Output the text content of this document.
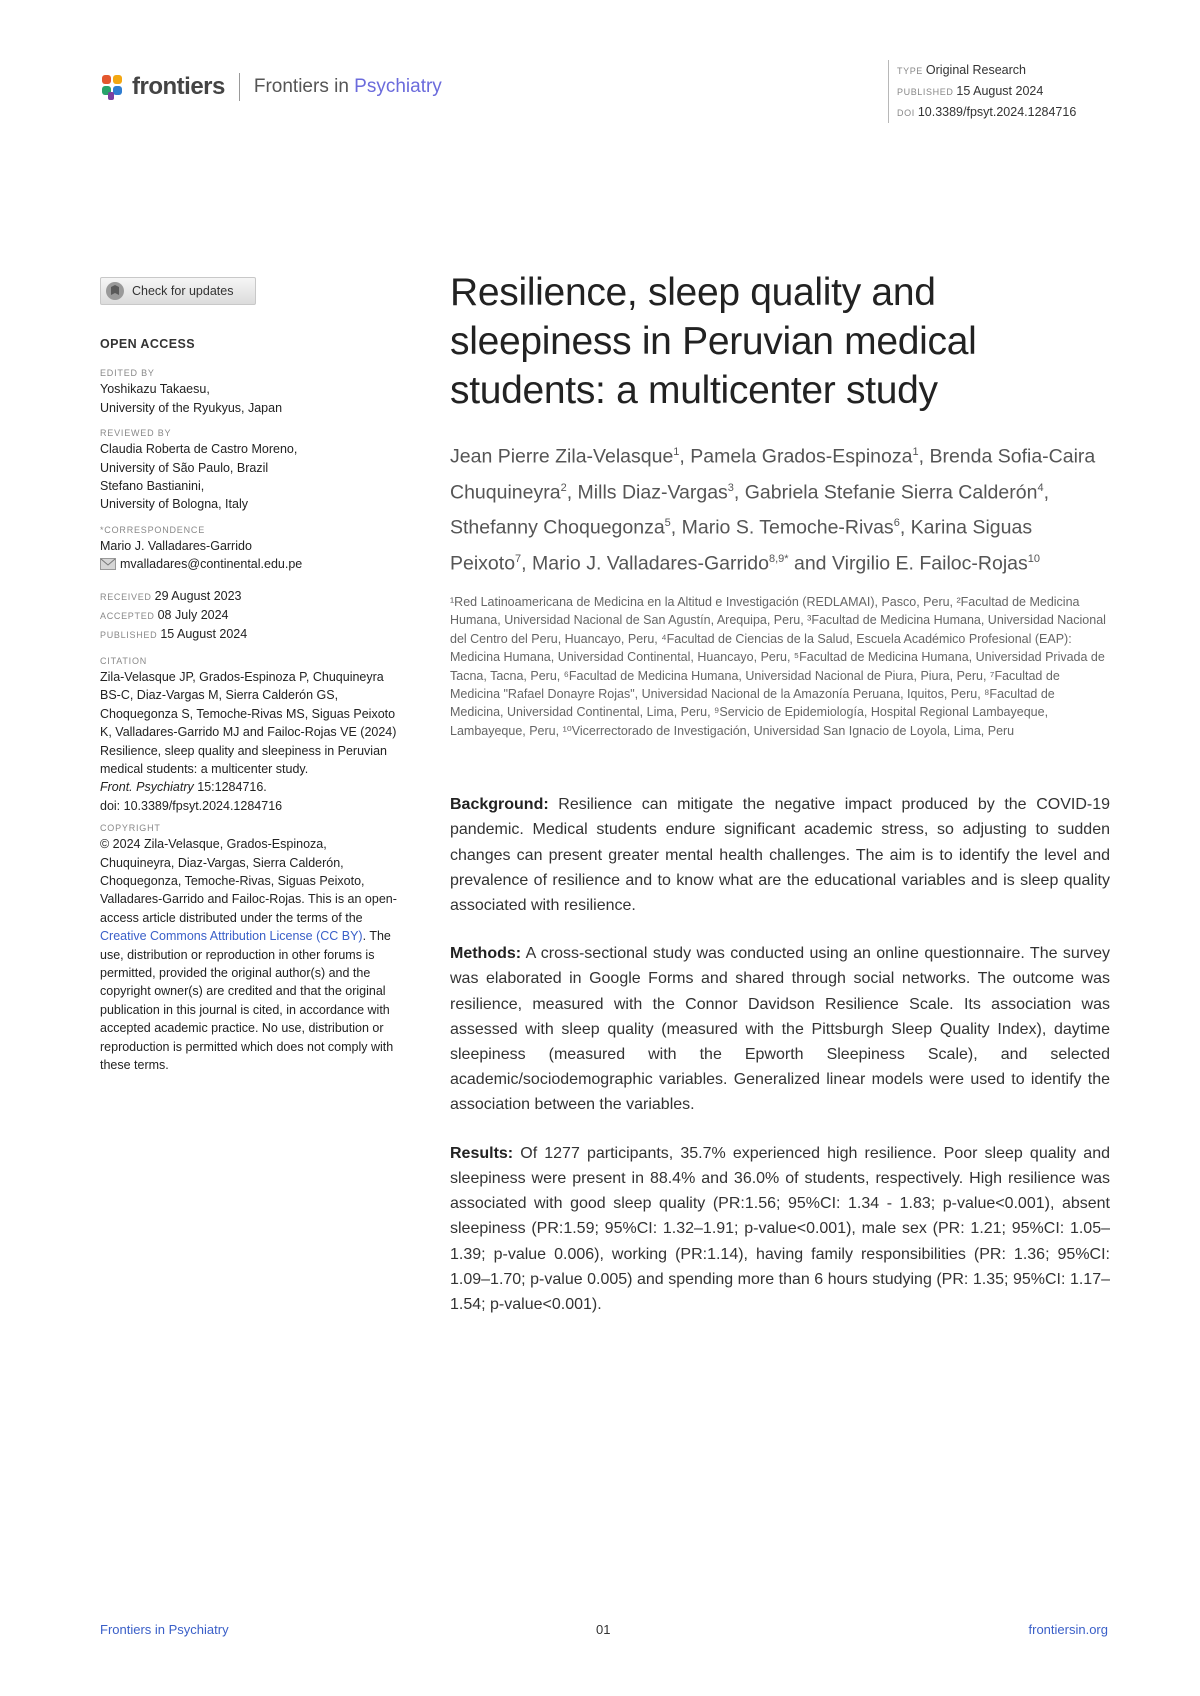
frontiers Frontiers in Psychiatry
TYPE Original Research
PUBLISHED 15 August 2024
DOI 10.3389/fpsyt.2024.1284716
Check for updates
OPEN ACCESS
EDITED BY
Yoshikazu Takaesu,
University of the Ryukyus, Japan
REVIEWED BY
Claudia Roberta de Castro Moreno,
University of São Paulo, Brazil
Stefano Bastianini,
University of Bologna, Italy
*CORRESPONDENCE
Mario J. Valladares-Garrido
mvalladares@continental.edu.pe
RECEIVED 29 August 2023
ACCEPTED 08 July 2024
PUBLISHED 15 August 2024
CITATION
Zila-Velasque JP, Grados-Espinoza P, Chuquineyra BS-C, Diaz-Vargas M, Sierra Calderón GS, Choquegonza S, Temoche-Rivas MS, Siguas Peixoto K, Valladares-Garrido MJ and Failoc-Rojas VE (2024) Resilience, sleep quality and sleepiness in Peruvian medical students: a multicenter study.
Front. Psychiatry 15:1284716.
doi: 10.3389/fpsyt.2024.1284716
COPYRIGHT
© 2024 Zila-Velasque, Grados-Espinoza, Chuquineyra, Diaz-Vargas, Sierra Calderón, Choquegonza, Temoche-Rivas, Siguas Peixoto, Valladares-Garrido and Failoc-Rojas. This is an open-access article distributed under the terms of the Creative Commons Attribution License (CC BY). The use, distribution or reproduction in other forums is permitted, provided the original author(s) and the copyright owner(s) are credited and that the original publication in this journal is cited, in accordance with accepted academic practice. No use, distribution or reproduction is permitted which does not comply with these terms.
Resilience, sleep quality and sleepiness in Peruvian medical students: a multicenter study
Jean Pierre Zila-Velasque$^1$, Pamela Grados-Espinoza$^1$, Brenda Sofia-Caira Chuquineyra$^2$, Mills Diaz-Vargas$^3$, Gabriela Stefanie Sierra Calderón$^4$, Sthefanny Choquegonza$^5$, Mario S. Temoche-Rivas$^6$, Karina Siguas Peixoto$^7$, Mario J. Valladares-Garrido$^{8,9*}$ and Virgilio E. Failoc-Rojas$^{10}$
¹Red Latinoamericana de Medicina en la Altitud e Investigación (REDLAMAI), Pasco, Peru, ²Facultad de Medicina Humana, Universidad Nacional de San Agustín, Arequipa, Peru, ³Facultad de Medicina Humana, Universidad Nacional del Centro del Peru, Huancayo, Peru, ⁴Facultad de Ciencias de la Salud, Escuela Académico Profesional (EAP): Medicina Humana, Universidad Continental, Huancayo, Peru, ⁵Facultad de Medicina Humana, Universidad Privada de Tacna, Tacna, Peru, ⁶Facultad de Medicina Humana, Universidad Nacional de Piura, Piura, Peru, ⁷Facultad de Medicina "Rafael Donayre Rojas", Universidad Nacional de la Amazonía Peruana, Iquitos, Peru, ⁸Facultad de Medicina, Universidad Continental, Lima, Peru, ⁹Servicio de Epidemiología, Hospital Regional Lambayeque, Lambayeque, Peru, ¹⁰Vicerrectorado de Investigación, Universidad San Ignacio de Loyola, Lima, Peru

Background: Resilience can mitigate the negative impact produced by the COVID-19 pandemic. Medical students endure significant academic stress, so adjusting to sudden changes can present greater mental health challenges. The aim is to identify the level and prevalence of resilience and to know what are the educational variables and is sleep quality associated with resilience.

Methods: A cross-sectional study was conducted using an online questionnaire. The survey was elaborated in Google Forms and shared through social networks. The outcome was resilience, measured with the Connor Davidson Resilience Scale. Its association was assessed with sleep quality (measured with the Pittsburgh Sleep Quality Index), daytime sleepiness (measured with the Epworth Sleepiness Scale), and selected academic/sociodemographic variables. Generalized linear models were used to identify the association between the variables.

Results: Of 1277 participants, 35.7% experienced high resilience. Poor sleep quality and sleepiness were present in 88.4% and 36.0% of students, respectively. High resilience was associated with good sleep quality (PR:1.56; 95%CI: 1.34 - 1.83; p-value<0.001), absent sleepiness (PR:1.59; 95%CI: 1.32–1.91; p-value<0.001), male sex (PR: 1.21; 95%CI: 1.05–1.39; p-value 0.006), working (PR:1.14), having family responsibilities (PR: 1.36; 95%CI: 1.09–1.70; p-value 0.005) and spending more than 6 hours studying (PR: 1.35; 95%CI: 1.17–1.54; p-value<0.001).

Frontiers in Psychiatry	01	frontiersin.org
